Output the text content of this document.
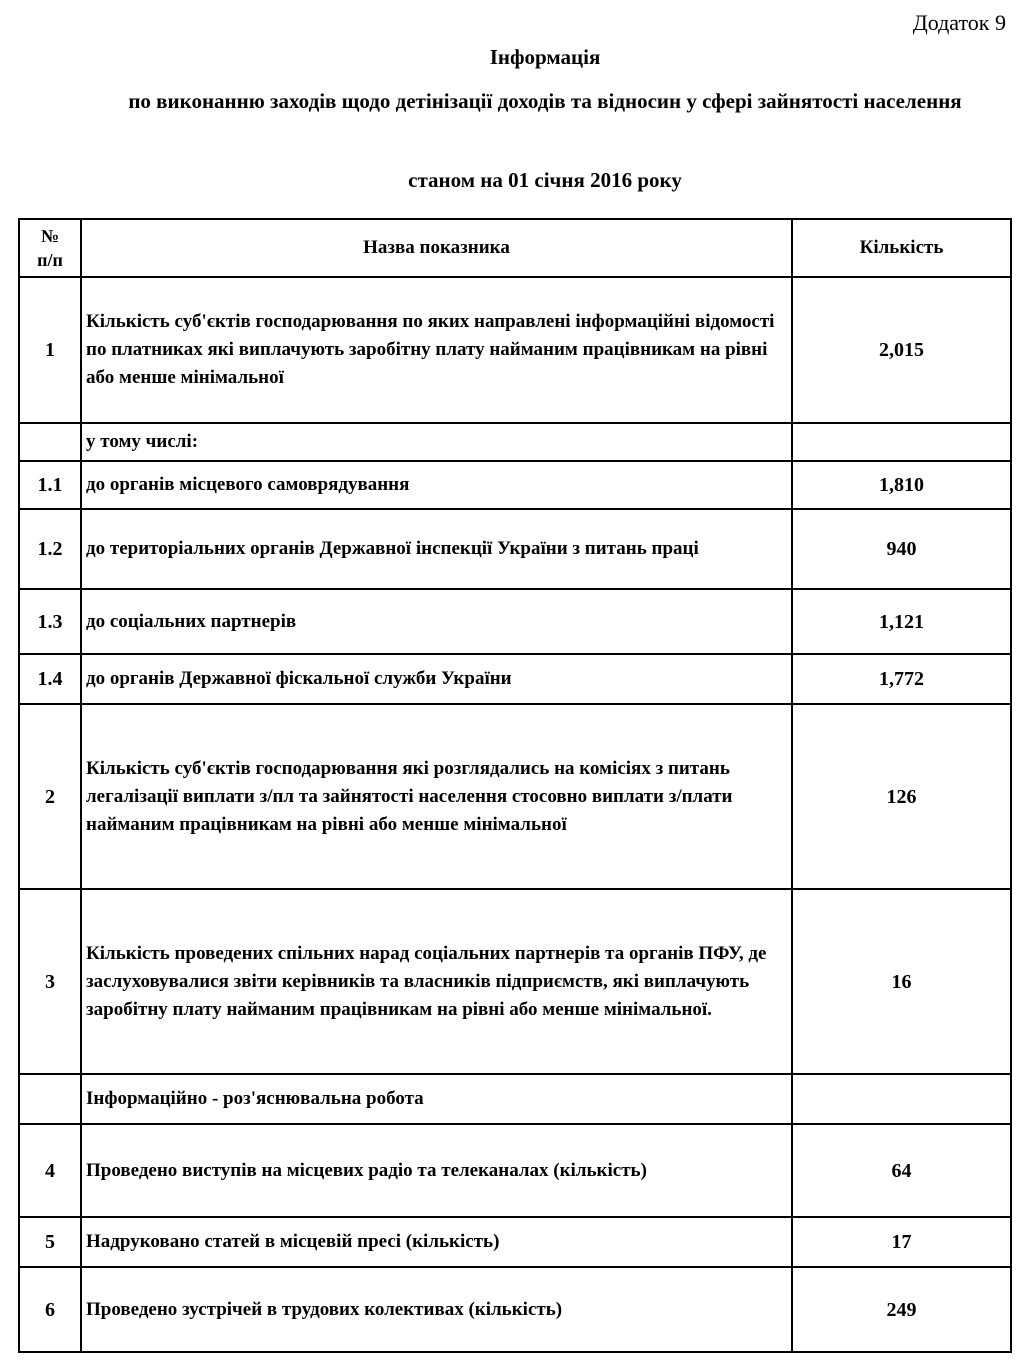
Додаток 9
Інформація
по виконанню заходів щодо детінізації доходів та відносин у сфері зайнятості населення
станом на 01 січня 2016 року
№
п/п	Назва показника	Кількість
1	Кількість суб'єктів господарювання по яких направлені інформаційні відомості по платниках які виплачують заробітну плату найманим працівникам на рівні або менше мінімальної	2,015
	у тому числі:	
1.1	до органів місцевого самоврядування	1,810
1.2	до територіальних органів Державної інспекції України з питань праці	940
1.3	до соціальних партнерів	1,121
1.4	до органів Державної фіскальної служби України	1,772
2	Кількість суб'єктів господарювання які розглядались на комісіях з питань легалізації виплати з/пл та зайнятості населення стосовно виплати з/плати найманим працівникам на рівні або менше мінімальної	126
3	Кількість проведених спільних нарад соціальних партнерів та органів ПФУ, де заслуховувалися звіти керівників та власників підприємств, які виплачують заробітну плату найманим працівникам на рівні або менше мінімальної.	16
	Інформаційно - роз'яснювальна робота	
4	Проведено виступів на місцевих радіо та телеканалах (кількість)	64
5	Надруковано статей в місцевій пресі (кількість)	17
6	Проведено зустрічей в трудових колективах (кількість)	249
